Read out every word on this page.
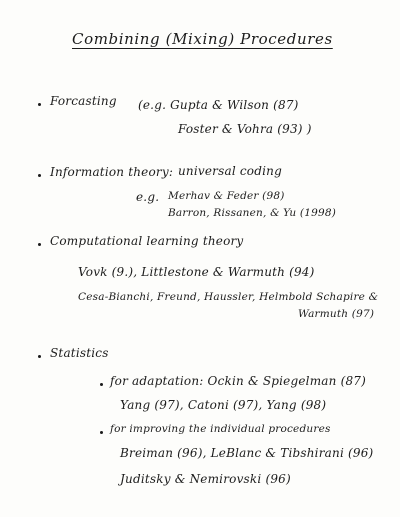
Combining (Mixing) Procedures
Forcasting (e.g. Gupta & Wilson (87)
Foster & Vohra (93) )
Information theory: universal coding
e.g. Merhav & Feder (98)
Barron, Rissanen, & Yu (1998)
Computational learning theory
Vovk (9.), Littlestone & Warmuth (94)
Cesa-Bianchi, Freund, Haussler, Helmbold Schapire &
Warmuth (97)
Statistics
for adaptation: Ockin & Spiegelman (87)
Yang (97), Catoni (97), Yang (98)
for improving the individual procedures
Breiman (96), LeBlanc & Tibshirani (96)
Juditsky & Nemirovski (96)
